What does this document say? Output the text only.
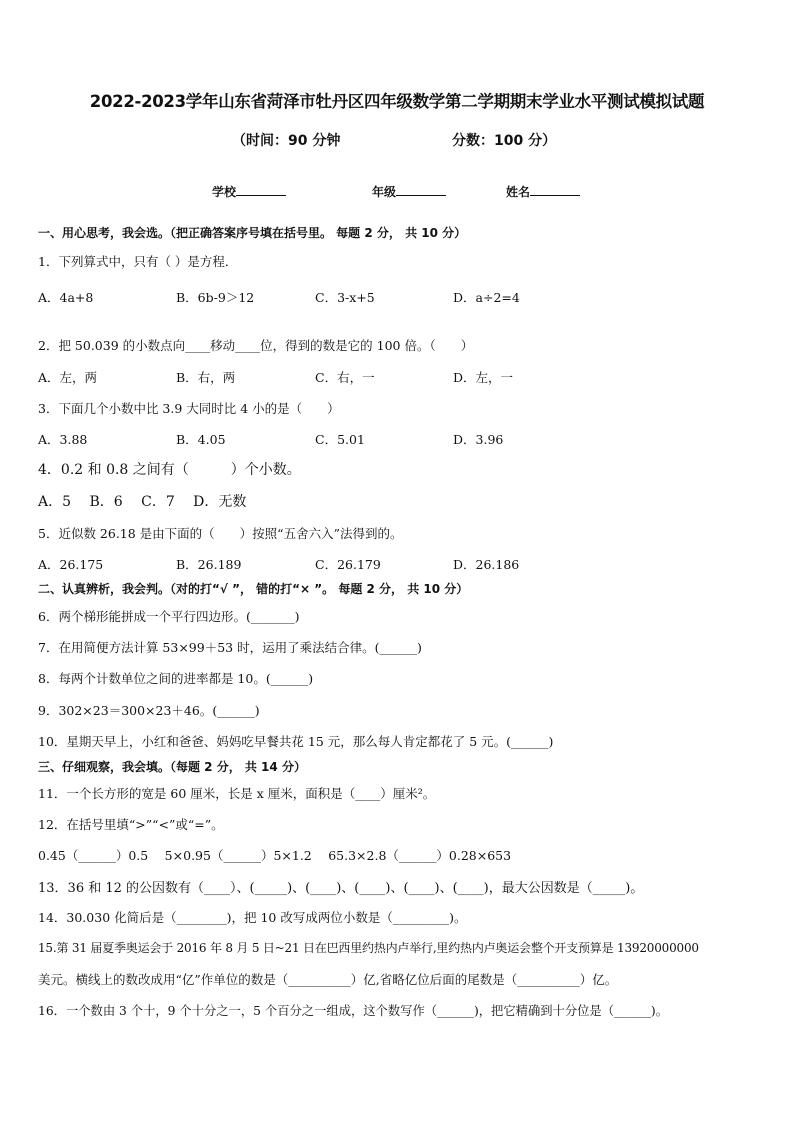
2022-2023学年山东省菏泽市牡丹区四年级数学第二学期期末学业水平测试模拟试题
（时间：90 分钟	分数：100 分）
学校	年级	姓名
一、用心思考，我会选。（把正确答案序号填在括号里。 每题 2 分， 共 10 分）
1．下列算式中，只有（ ）是方程．
A．4a+8	B．6b-9＞12	C．3-x+5	D．a÷2=4
2．把 50.039 的小数点向____移动____位，得到的数是它的 100 倍。（　　）
A．左，两	B．右，两	C．右，一	D．左，一
3．下面几个小数中比 3.9 大同时比 4 小的是（　　）
A．3.88	B．4.05	C．5.01	D．3.96
4．0.2 和 0.8 之间有（　　　）个小数。
A．5　 B．6　 C．7　 D．无数
5．近似数 26.18 是由下面的（　　）按照“五舍六入”法得到的。
A．26.175	B．26.189	C．26.179	D．26.186
二、认真辨析，我会判。（对的打“√ ”， 错的打“× ”。 每题 2 分， 共 10 分）
6．两个梯形能拼成一个平行四边形。(_______)
7．在用简便方法计算 53×99＋53 时，运用了乘法结合律。(______)
8．每两个计数单位之间的进率都是 10。(______)
9．302×23＝300×23＋46。(______)
10．星期天早上，小红和爸爸、妈妈吃早餐共花 15 元，那么每人肯定都花了 5 元。(______)
三、仔细观察，我会填。（每题 2 分， 共 14 分）
11．一个长方形的宽是 60 厘米，长是 x 厘米，面积是（____）厘米²。
12．在括号里填“>”“<”或“=”。
0.45（______）0.5　 5×0.95（______）5×1.2　 65.3×2.8（______）0.28×653
13．36 和 12 的公因数有（____）、(_____)、(____)、(____)、(____)、(____)，最大公因数是（_____)。
14．30.030 化简后是（________)，把 10 改写成两位小数是（_________)。
15.第 31 届夏季奥运会于 2016 年 8 月 5 日~21 日在巴西里约热内卢举行,里约热内卢奥运会整个开支预算是 13920000000
美元。横线上的数改成用“亿”作单位的数是（__________）亿,省略亿位后面的尾数是（__________）亿。
16．一个数由 3 个十，9 个十分之一，5 个百分之一组成，这个数写作（______)，把它精确到十分位是（______)。
